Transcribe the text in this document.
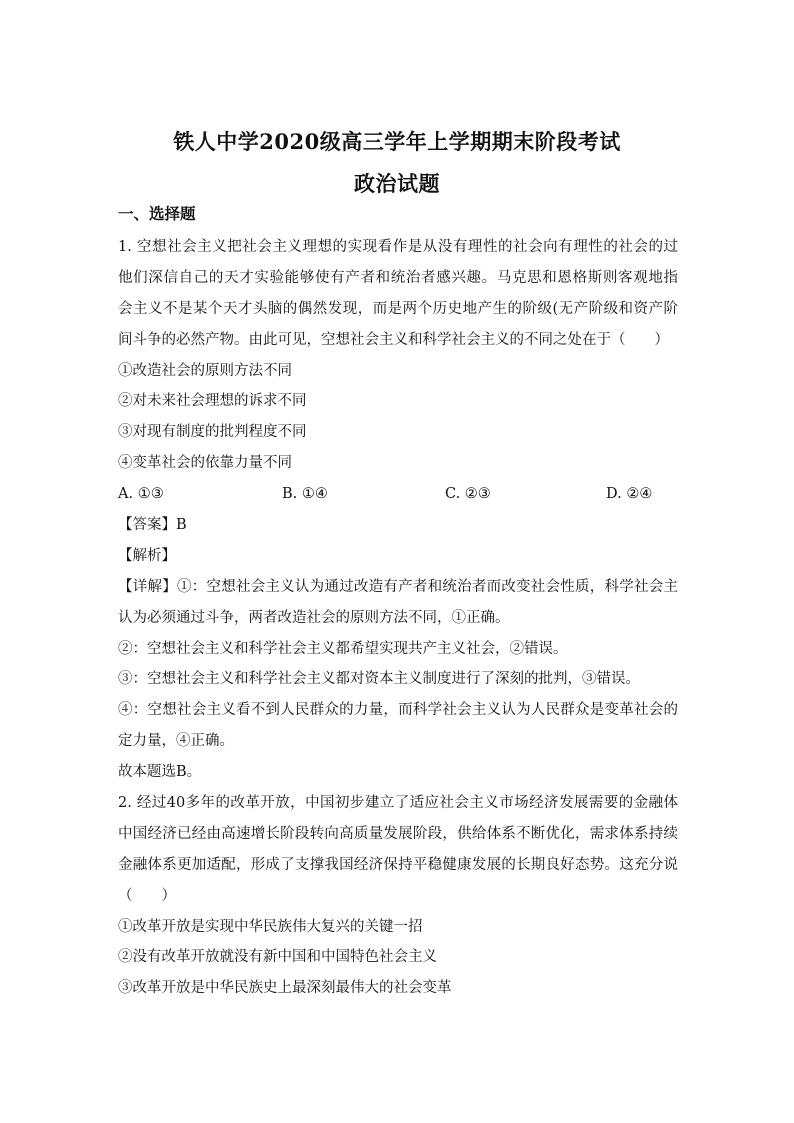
铁人中学2020级高三学年上学期期末阶段考试
政治试题
一、选择题
1. 空想社会主义把社会主义理想的实现看作是从没有理性的社会向有理性的社会的过
他们深信自己的天才实验能够使有产者和统治者感兴趣。马克思和恩格斯则客观地指
会主义不是某个天才头脑的偶然发现，而是两个历史地产生的阶级(无产阶级和资产阶
间斗争的必然产物。由此可见，空想社会主义和科学社会主义的不同之处在于（　　）
①改造社会的原则方法不同
②对未来社会理想的诉求不同
③对现有制度的批判程度不同
④变革社会的依靠力量不同
A. ①③	B. ①④	C. ②③	D. ②④
【答案】B
【解析】
【详解】①：空想社会主义认为通过改造有产者和统治者而改变社会性质，科学社会主
认为必须通过斗争，两者改造社会的原则方法不同，①正确。
②：空想社会主义和科学社会主义都希望实现共产主义社会，②错误。
③：空想社会主义和科学社会主义都对资本主义制度进行了深刻的批判，③错误。
④：空想社会主义看不到人民群众的力量，而科学社会主义认为人民群众是变革社会的
定力量，④正确。
故本题选B。
2. 经过40多年的改革开放，中国初步建立了适应社会主义市场经济发展需要的金融体
中国经济已经由高速增长阶段转向高质量发展阶段，供给体系不断优化，需求体系持续
金融体系更加适配，形成了支撑我国经济保持平稳健康发展的长期良好态势。这充分说
（　　）
①改革开放是实现中华民族伟大复兴的关键一招
②没有改革开放就没有新中国和中国特色社会主义
③改革开放是中华民族史上最深刻最伟大的社会变革
